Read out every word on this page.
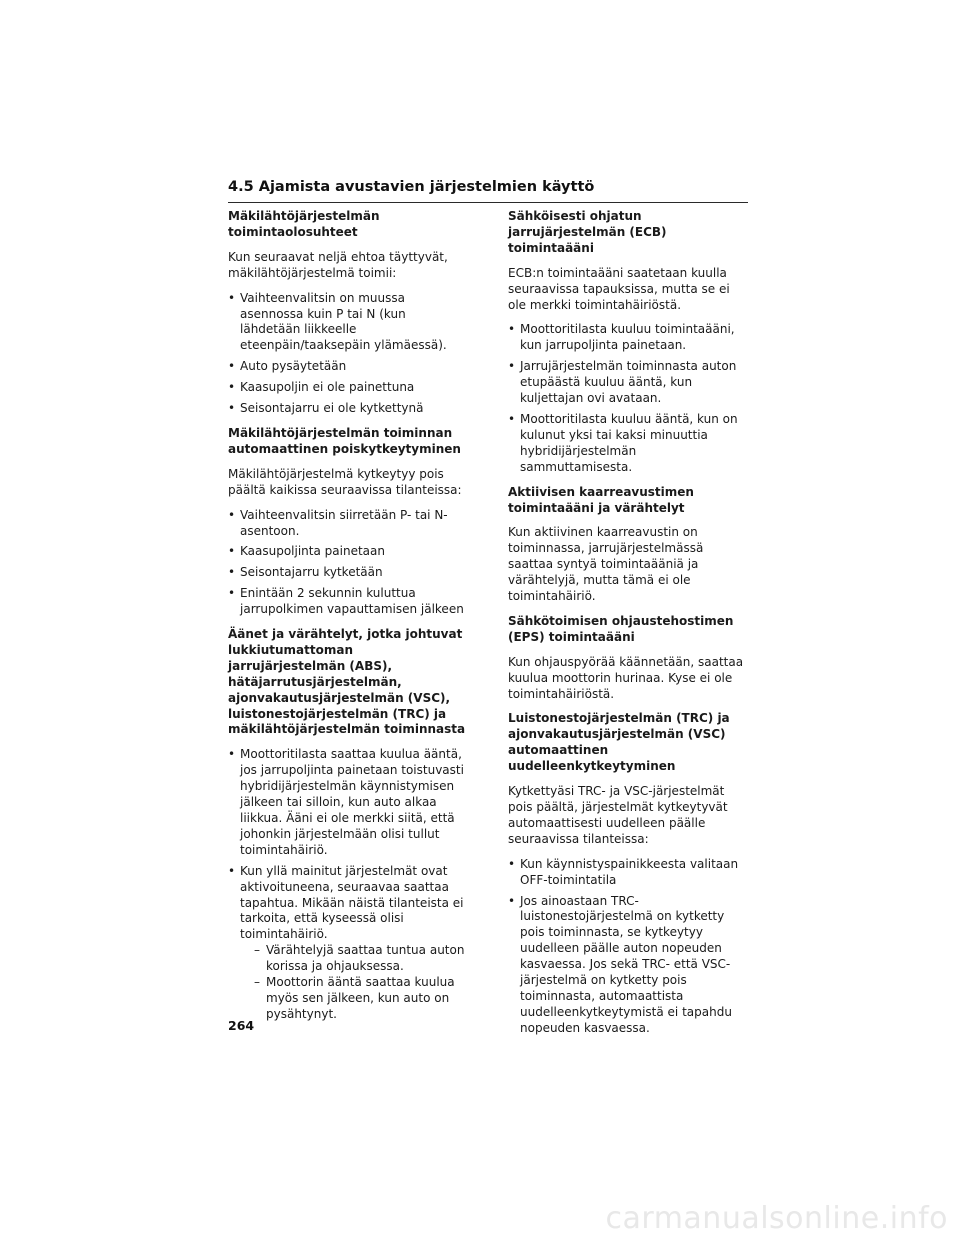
4.5 Ajamista avustavien järjestelmien käyttö
Mäkilähtöjärjestelmän toimintaolosuhteet
Kun seuraavat neljä ehtoa täyttyvät, mäkilähtöjärjestelmä toimii:
• Vaihteenvalitsin on muussa asennossa kuin P tai N (kun lähdetään liikkeelle eteenpäin/taaksepäin ylämäessä).
• Auto pysäytetään
• Kaasupoljin ei ole painettuna
• Seisontajarru ei ole kytkettynä
Mäkilähtöjärjestelmän toiminnan automaattinen poiskytkeytyminen
Mäkilähtöjärjestelmä kytkeytyy pois päältä kaikissa seuraavissa tilanteissa:
• Vaihteenvalitsin siirretään P- tai N-asentoon.
• Kaasupoljinta painetaan
• Seisontajarru kytketään
• Enintään 2 sekunnin kuluttua jarrupolkimen vapauttamisen jälkeen
Äänet ja värähtelyt, jotka johtuvat lukkiutumattoman jarrujärjestelmän (ABS), hätäjarrutusjärjestelmän, ajonvakautusjärjestelmän (VSC), luistonestojärjestelmän (TRC) ja mäkilähtöjärjestelmän toiminnasta
• Moottoritilasta saattaa kuulua ääntä, jos jarrupoljinta painetaan toistuvasti hybridijärjestelmän käynnistymisen jälkeen tai silloin, kun auto alkaa liikkua. Ääni ei ole merkki siitä, että johonkin järjestelmään olisi tullut toimintahäiriö.
• Kun yllä mainitut järjestelmät ovat aktivoituneena, seuraavaa saattaa tapahtua. Mikään näistä tilanteista ei tarkoita, että kyseessä olisi toimintahäiriö.
– Värähtelyjä saattaa tuntua auton korissa ja ohjauksessa.
– Moottorin ääntä saattaa kuulua myös sen jälkeen, kun auto on pysähtynyt.
Sähköisesti ohjatun jarrujärjestelmän (ECB) toimintaääni
ECB:n toimintaääni saatetaan kuulla seuraavissa tapauksissa, mutta se ei ole merkki toimintahäiriöstä.
• Moottoritilasta kuuluu toimintaääni, kun jarrupoljinta painetaan.
• Jarrujärjestelmän toiminnasta auton etupäästä kuuluu ääntä, kun kuljettajan ovi avataan.
• Moottoritilasta kuuluu ääntä, kun on kulunut yksi tai kaksi minuuttia hybridijärjestelmän sammuttamisesta.
Aktiivisen kaarreavustimen toimintaääni ja värähtelyt
Kun aktiivinen kaarreavustin on toiminnassa, jarrujärjestelmässä saattaa syntyä toimintaääniä ja värähtelyjä, mutta tämä ei ole toimintahäiriö.
Sähkötoimisen ohjaustehostimen (EPS) toimintaääni
Kun ohjauspyörää käännetään, saattaa kuulua moottorin hurinaa. Kyse ei ole toimintahäiriöstä.
Luistonestojärjestelmän (TRC) ja ajonvakautusjärjestelmän (VSC) automaattinen uudelleenkytkeytyminen
Kytkettyäsi TRC- ja VSC-järjestelmät pois päältä, järjestelmät kytkeytyvät automaattisesti uudelleen päälle seuraavissa tilanteissa:
• Kun käynnistyspainikkeesta valitaan OFF-toimintatila
• Jos ainoastaan TRC-luistonestojärjestelmä on kytketty pois toiminnasta, se kytkeytyy uudelleen päälle auton nopeuden kasvaessa. Jos sekä TRC- että VSC-järjestelmä on kytketty pois toiminnasta, automaattista uudelleenkytkeytymistä ei tapahdu nopeuden kasvaessa.
264
carmanualsonline.info
